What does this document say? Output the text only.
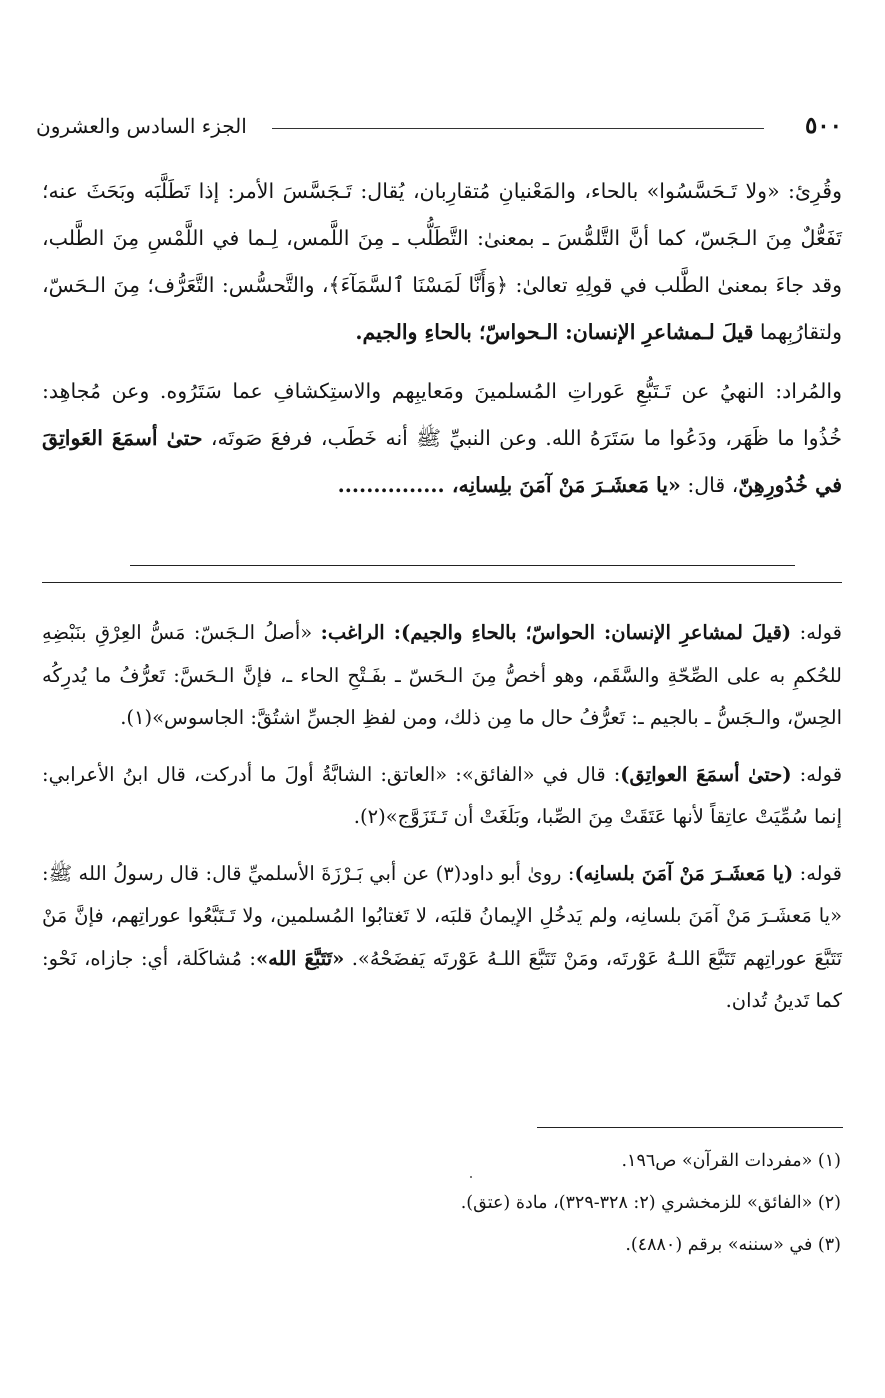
٥٠٠
الجزء السادس والعشرون

وقُرِئ: «ولا تَـحَسَّسُوا» بالحاء، والمَعْنيانِ مُتقارِبان، يُقال: تَـجَسَّسَ الأمر: إذا تَطَلَّبَه وبَحَثَ عنه؛ تَفَعُّلٌ مِنَ الـجَسّ، كما أنَّ التَّلمُّسَ ـ بمعنىٰ: التَّطَلُّب ـ مِنَ اللَّمس، لِـما في اللَّمْسِ مِنَ الطَّلب، وقد جاءَ بمعنىٰ الطَّلب في قولِهِ تعالىٰ: ﴿وَأَنَّا لَمَسْنَا ٱلسَّمَآءَ﴾، والتَّحسُّس: التَّعَرُّف؛ مِنَ الـحَسّ، ولتقارُبِهما قيلَ لـمشاعرِ الإنسان: الـحواسّ؛ بالحاءِ والجيم.

والمُراد: النهيُ عن تَـتَبُّعِ عَوراتِ المُسلمينَ ومَعايبِهم والاستِكشافِ عما سَتَرُوه. وعن مُجاهِد: خُذُوا ما ظَهَر، ودَعُوا ما سَتَرَهُ الله. وعن النبيِّ ﷺ أنه خَطَب، فرفعَ صَوتَه، حتىٰ أسمَعَ العَواتِقَ في خُدُورِهِنّ، قال: «يا مَعشَـرَ مَنْ آمَنَ بلِسانِه، ...............

قوله: (قيلَ لمشاعرِ الإنسان: الحواسّ؛ بالحاءِ والجيم): الراغب: «أصلُ الـجَسّ: مَسُّ العِرْقِ بنَبْضِهِ للحُكمِ به على الصِّحّةِ والسَّقَم، وهو أخصُّ مِنَ الـحَسّ ـ بفَـتْحِ الحاء ـ، فإنَّ الـحَسَّ: تَعرُّفُ ما يُدرِكُه الحِسّ، والـجَسُّ ـ بالجيم ـ: تَعرُّفُ حال ما مِن ذلك، ومن لفظِ الجسِّ اشتُقَّ: الجاسوس»(١).

قوله: (حتىٰ أسمَعَ العواتِق): قال في «الفائق»: «العاتق: الشابَّةُ أولَ ما أدركت، قال ابنُ الأعرابي: إنما سُمِّيَتْ عاتِقاً لأنها عَتَقَتْ مِنَ الصِّبا، وبَلَغَتْ أن تَـتَزَوَّج»(٢).

قوله: (يا مَعشَـرَ مَنْ آمَنَ بلسانِه): روىٰ أبو داود(٣) عن أبي بَـرْزَةَ الأسلميِّ قال: قال رسولُ الله ﷺ: «يا مَعشَـرَ مَنْ آمَنَ بلسانِه، ولم يَدخُلِ الإيمانُ قلبَه، لا تَغتابُوا المُسلمين، ولا تَـتَبَّعُوا عوراتِهم، فإنَّ مَنْ تَتَبَّعَ عوراتِهم تَتَبَّعَ اللـهُ عَوْرتَه، ومَنْ تَتَبَّعَ اللـهُ عَوْرتَه يَفضَحْهُ». «تَتَبَّعَ الله»: مُشاكَلة، أي: جازاه، نَحْو: كما تَدينُ تُدان.

(١) «مفردات القرآن» ص١٩٦.

(٢) «الفائق» للزمخشري (٢: ٣٢٨-٣٢٩)، مادة (عتق).

(٣) في «سننه» برقم (٤٨٨٠).
